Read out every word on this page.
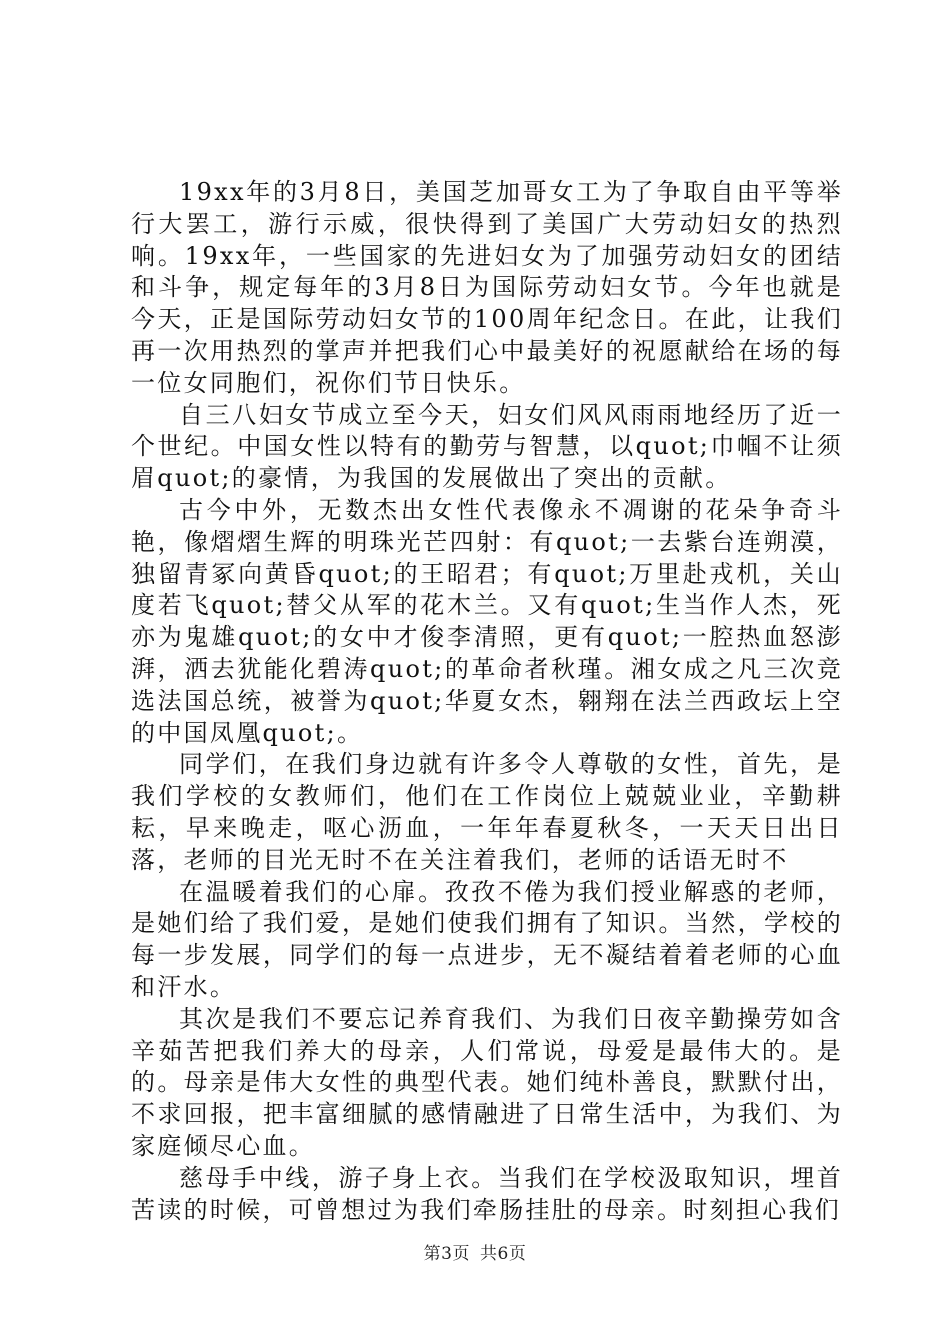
19xx年的3月8日，美国芝加哥女工为了争取自由平等举行大罢工，游行示威，很快得到了美国广大劳动妇女的热烈响。19xx年，一些国家的先进妇女为了加强劳动妇女的团结和斗争，规定每年的3月8日为国际劳动妇女节。今年也就是今天，正是国际劳动妇女节的100周年纪念日。在此，让我们再一次用热烈的掌声并把我们心中最美好的祝愿献给在场的每一位女同胞们，祝你们节日快乐。

自三八妇女节成立至今天，妇女们风风雨雨地经历了近一个世纪。中国女性以特有的勤劳与智慧，以quot;巾帼不让须眉quot;的豪情，为我国的发展做出了突出的贡献。

古今中外，无数杰出女性代表像永不凋谢的花朵争奇斗艳，像熠熠生辉的明珠光芒四射：有quot;一去紫台连朔漠，独留青冢向黄昏quot;的王昭君；有quot;万里赴戎机，关山度若飞quot;替父从军的花木兰。又有quot;生当作人杰，死亦为鬼雄quot;的女中才俊李清照，更有quot;一腔热血怒澎湃，洒去犹能化碧涛quot;的革命者秋瑾。湘女成之凡三次竞选法国总统，被誉为quot;华夏女杰，翱翔在法兰西政坛上空的中国凤凰quot;。

同学们，在我们身边就有许多令人尊敬的女性，首先，是我们学校的女教师们，他们在工作岗位上兢兢业业，辛勤耕耘，早来晚走，呕心沥血，一年年春夏秋冬，一天天日出日落，老师的目光无时不在关注着我们，老师的话语无时不

在温暖着我们的心扉。孜孜不倦为我们授业解惑的老师，是她们给了我们爱，是她们使我们拥有了知识。当然，学校的每一步发展，同学们的每一点进步，无不凝结着着老师的心血和汗水。

其次是我们不要忘记养育我们、为我们日夜辛勤操劳如含辛茹苦把我们养大的母亲，人们常说，母爱是最伟大的。是的。母亲是伟大女性的典型代表。她们纯朴善良，默默付出，不求回报，把丰富细腻的感情融进了日常生活中，为我们、为家庭倾尽心血。

慈母手中线，游子身上衣。当我们在学校汲取知识，埋首苦读的时候，可曾想过为我们牵肠挂肚的母亲。时刻担心我们

第3页 共6页
